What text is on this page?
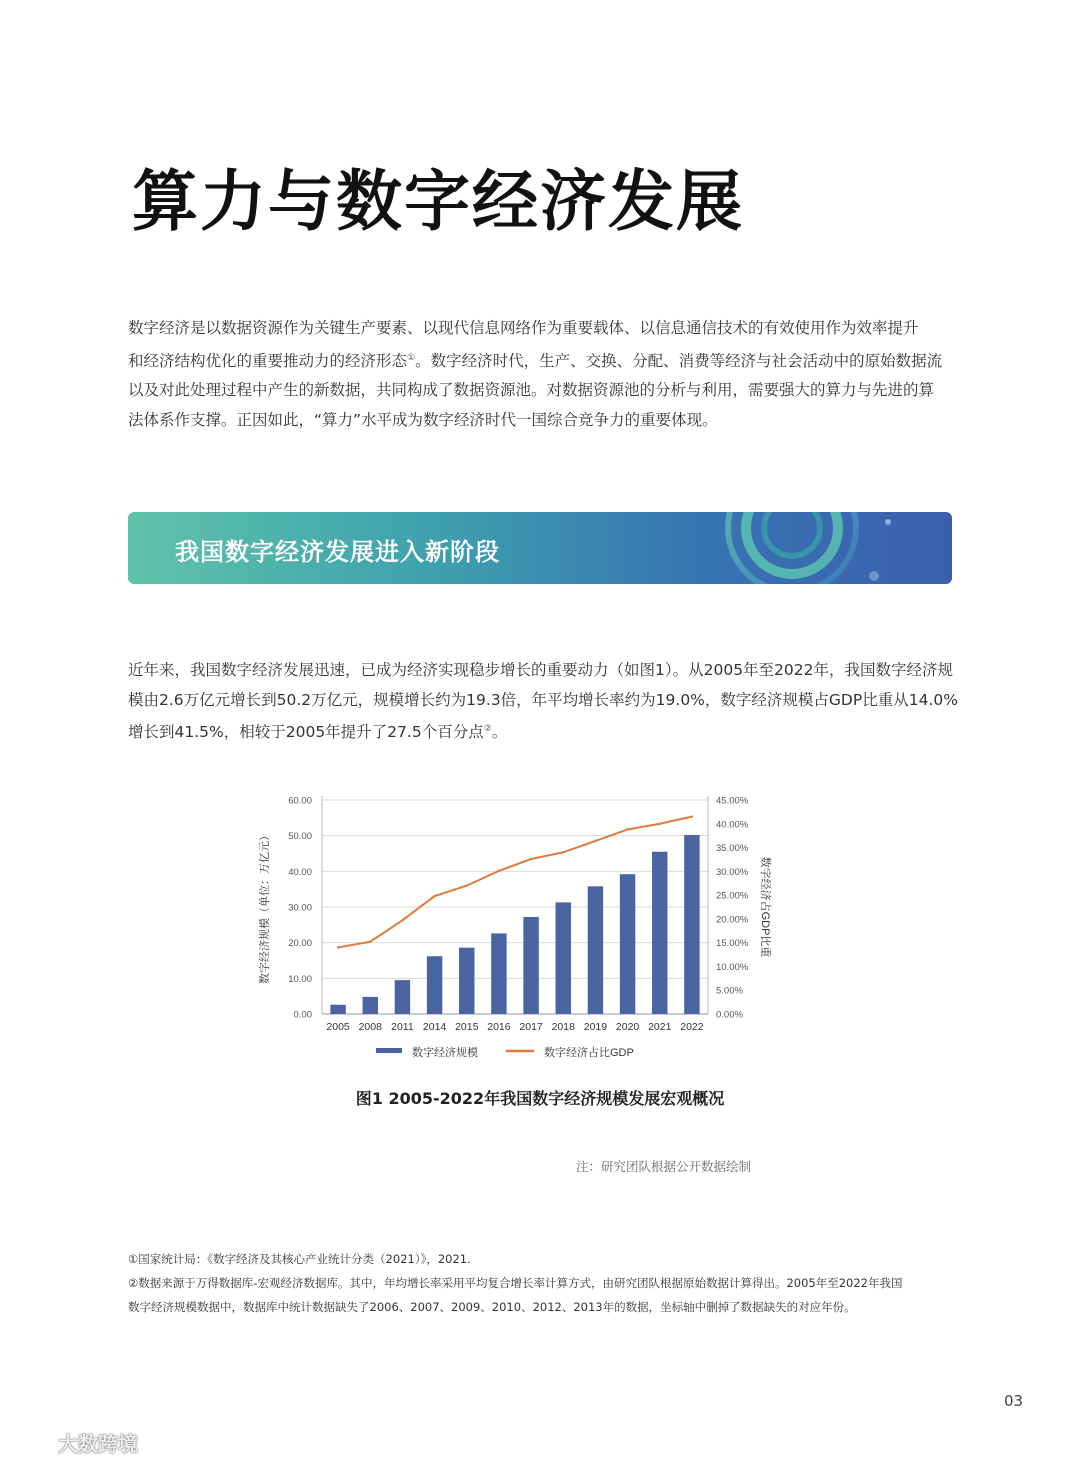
算力与数字经济发展
数字经济是以数据资源作为关键生产要素、以现代信息网络作为重要载体、以信息通信技术的有效使用作为效率提升
和经济结构优化的重要推动力的经济形态①。数字经济时代，生产、交换、分配、消费等经济与社会活动中的原始数据流
以及对此处理过程中产生的新数据，共同构成了数据资源池。对数据资源池的分析与利用，需要强大的算力与先进的算
法体系作支撑。正因如此，“算力”水平成为数字经济时代一国综合竞争力的重要体现。
我国数字经济发展进入新阶段
近年来，我国数字经济发展迅速，已成为经济实现稳步增长的重要动力（如图1）。从2005年至2022年，我国数字经济规
模由2.6万亿元增长到50.2万亿元，规模增长约为19.3倍，年平均增长率约为19.0%，数字经济规模占GDP比重从14.0%
增长到41.5%，相较于2005年提升了27.5个百分点②。
0.00
10.00
20.00
30.00
40.00
50.00
60.00
0.00%
5.00%
10.00%
15.00%
20.00%
25.00%
30.00%
35.00%
40.00%
45.00%
2005 2008 2011 2014 2015 2016 2017 2018 2019 2020 2021 2022
数字经济规模（单位：万亿元）	数字经济占GDP比重
数字经济规模	数字经济占比GDP
图1 2005-2022年我国数字经济规模发展宏观概况
注：研究团队根据公开数据绘制
①国家统计局：《数字经济及其核心产业统计分类（2021）》，2021.
②数据来源于万得数据库-宏观经济数据库。其中，年均增长率采用平均复合增长率计算方式，由研究团队根据原始数据计算得出。2005年至2022年我国
数字经济规模数据中，数据库中统计数据缺失了2006、2007、2009、2010、2012、2013年的数据，坐标轴中删掉了数据缺失的对应年份。
03
大数跨境
